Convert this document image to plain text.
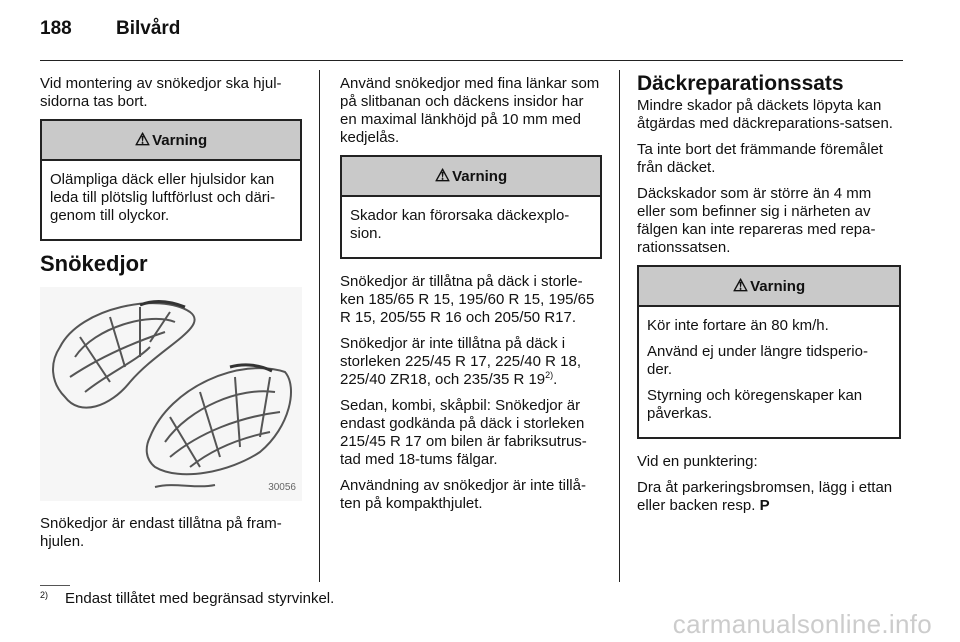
188 Bilvård

Vid montering av snökedjor ska hjul-sidorna tas bort.

⚠ Varning

Olämpliga däck eller hjulsidor kan leda till plötslig luftförlust och däri-genom till olyckor.

Snökedjor
30056

Snökedjor är endast tillåtna på fram-hjulen.

Använd snökedjor med fina länkar som på slitbanan och däckens insidor har en maximal länkhöjd på 10 mm med kedjelås.

⚠ Varning

Skador kan förorsaka däckexplo-sion.

Snökedjor är tillåtna på däck i storle-ken 185/65 R 15, 195/60 R 15, 195/65 R 15, 205/55 R 16 och 205/50 R17.

Snökedjor är inte tillåtna på däck i storleken 225/45 R 17, 225/40 R 18, 225/40 ZR18, och 235/35 R 19$^{2)}$.

Sedan, kombi, skåpbil: Snökedjor är endast godkända på däck i storleken 215/45 R 17 om bilen är fabriksutrus-tad med 18-tums fälgar.

Användning av snökedjor är inte tillå-ten på kompakthjulet.

Däckreparationssats

Mindre skador på däckets löpyta kan åtgärdas med däckreparations-satsen.

Ta inte bort det främmande föremålet från däcket.

Däckskador som är större än 4 mm eller som befinner sig i närheten av fälgen kan inte repareras med repa-rationssatsen.

⚠ Varning

Kör inte fortare än 80 km/h.

Använd ej under längre tidsperio-der.

Styrning och köregenskaper kan påverkas.

Vid en punktering:

Dra åt parkeringsbromsen, lägg i ettan eller backen resp. P

2) Endast tillåtet med begränsad styrvinkel.
carmanualsonline.info
